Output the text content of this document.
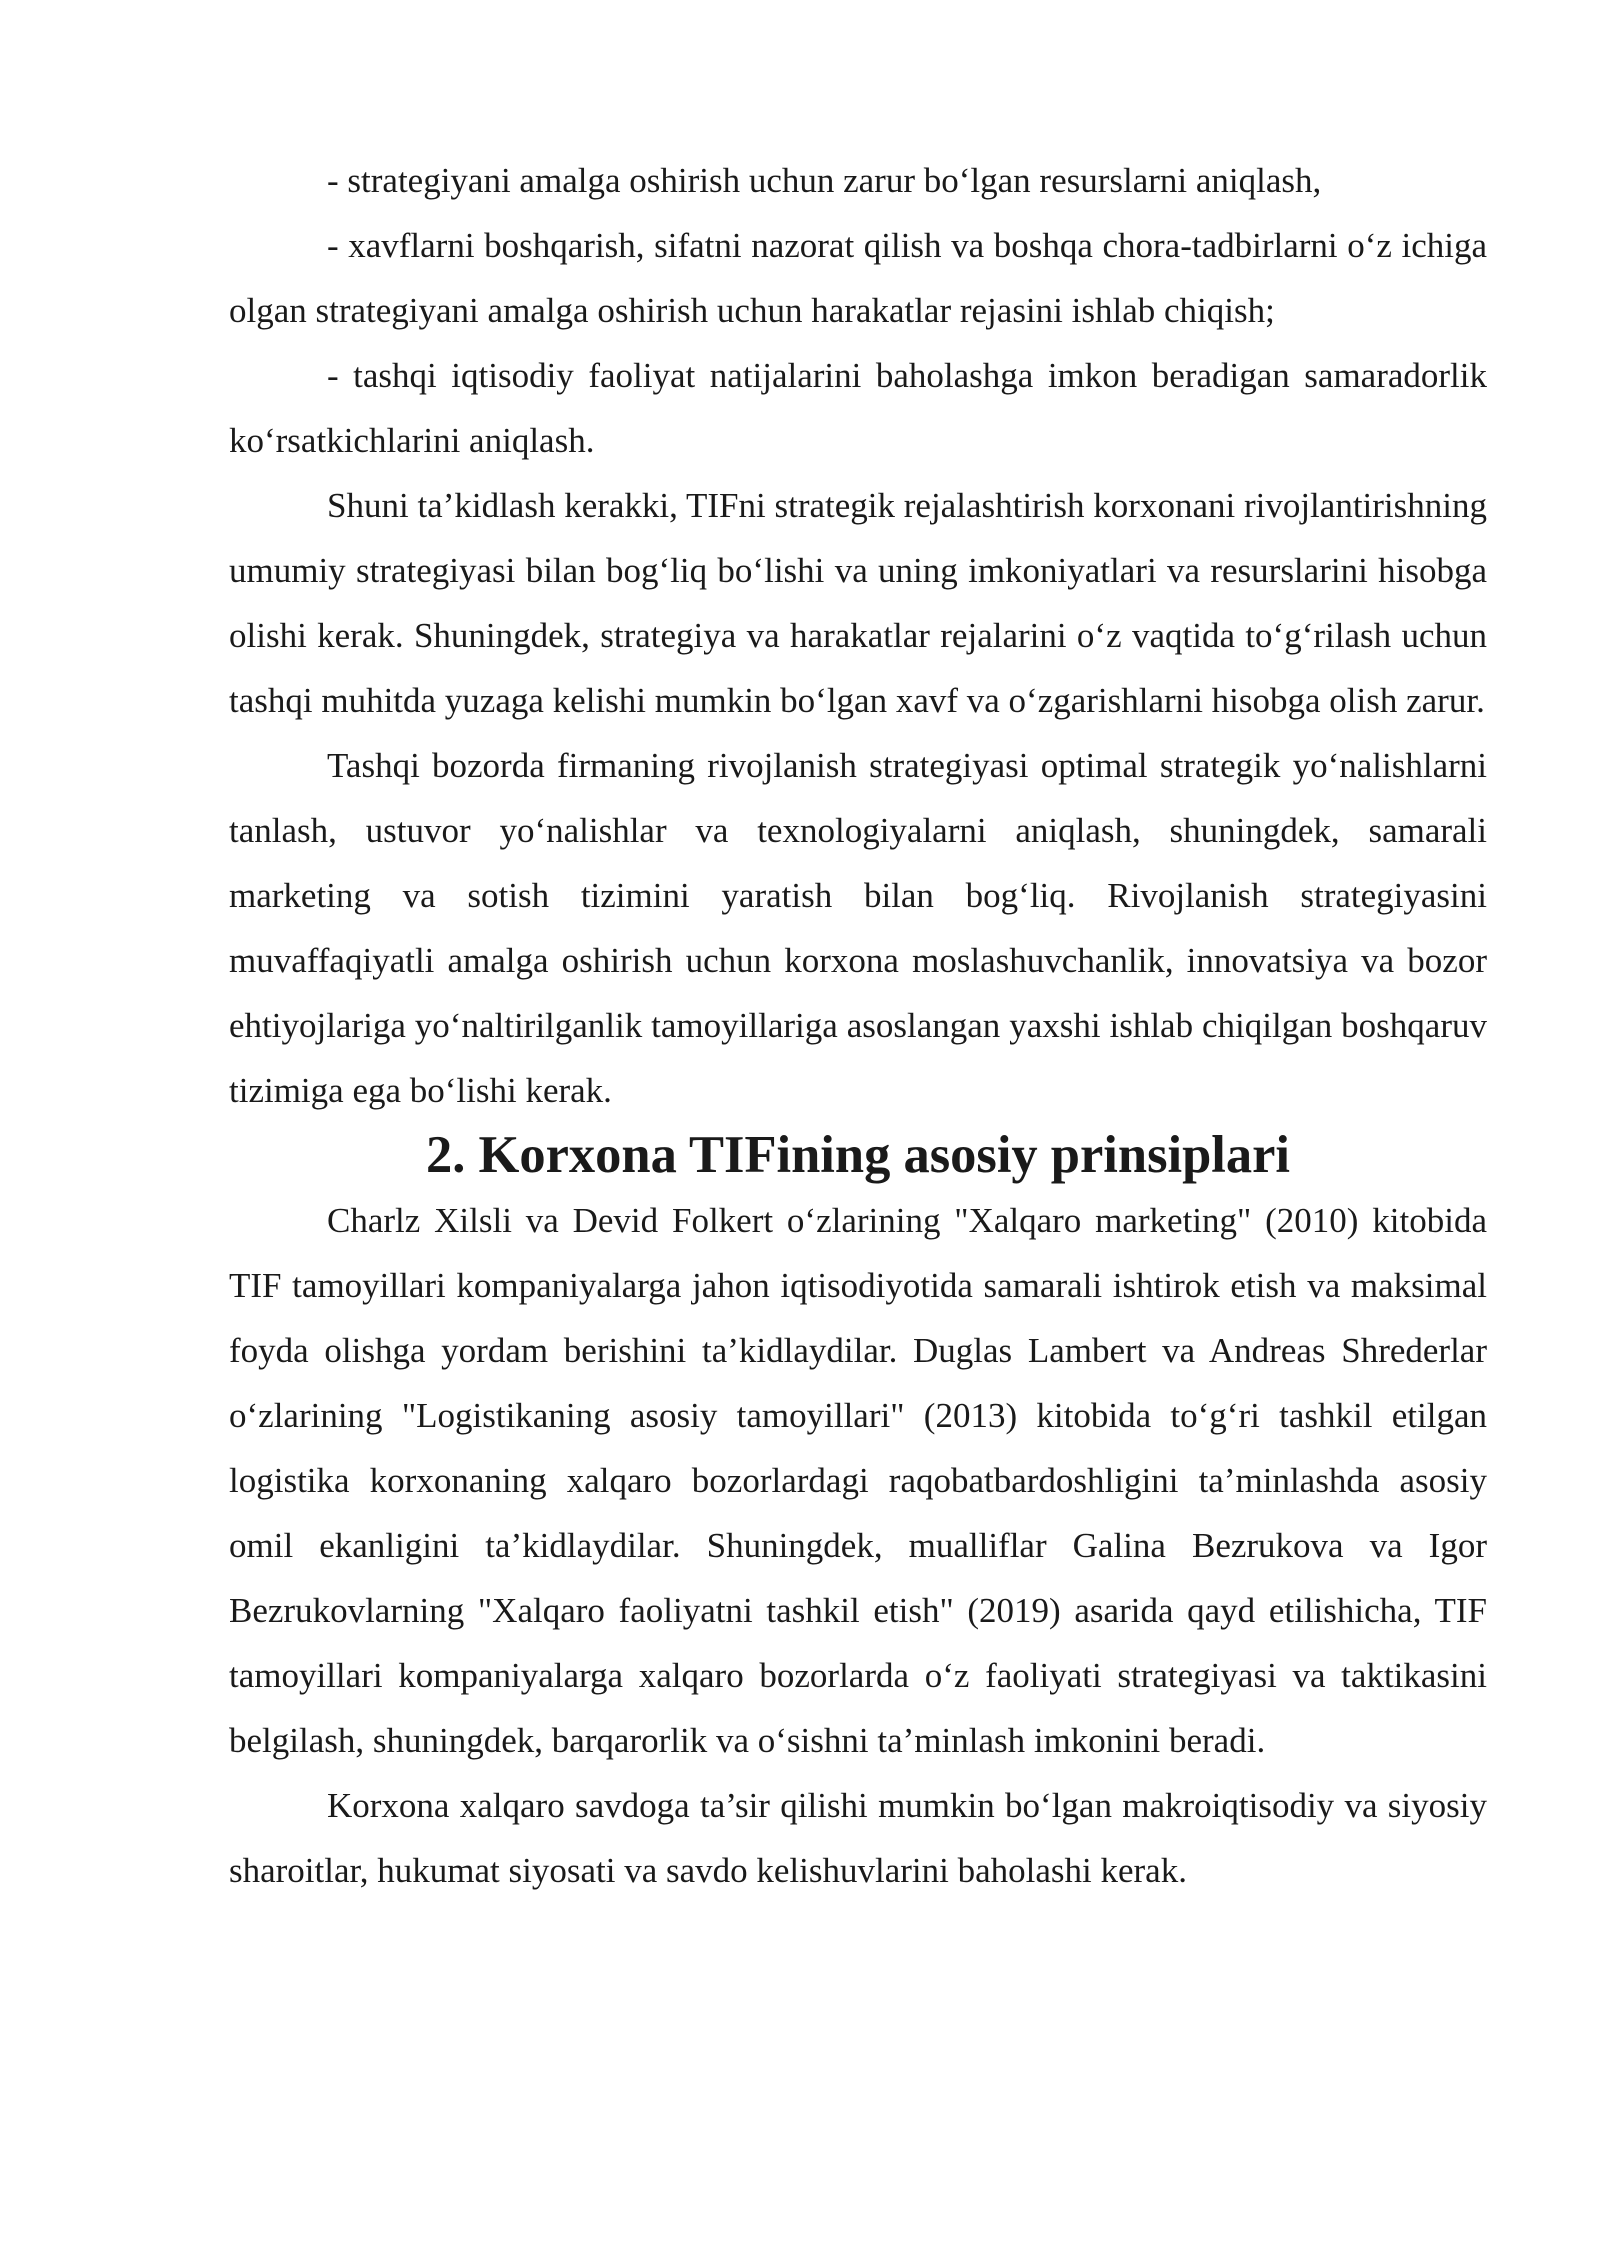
- strategiyani amalga oshirish uchun zarur bo‘lgan resurslarni aniqlash,

- xavflarni boshqarish, sifatni nazorat qilish va boshqa chora-tadbirlarni o‘z ichiga olgan strategiyani amalga oshirish uchun harakatlar rejasini ishlab chiqish;

- tashqi iqtisodiy faoliyat natijalarini baholashga imkon beradigan samaradorlik ko‘rsatkichlarini aniqlash.

Shuni ta’kidlash kerakki, TIFni strategik rejalashtirish korxonani rivojlantirishning umumiy strategiyasi bilan bog‘liq bo‘lishi va uning imkoniyatlari va resurslarini hisobga olishi kerak. Shuningdek, strategiya va harakatlar rejalarini o‘z vaqtida to‘g‘rilash uchun tashqi muhitda yuzaga kelishi mumkin bo‘lgan xavf va o‘zgarishlarni hisobga olish zarur.

Tashqi bozorda firmaning rivojlanish strategiyasi optimal strategik yo‘nalishlarni tanlash, ustuvor yo‘nalishlar va texnologiyalarni aniqlash, shuningdek, samarali marketing va sotish tizimini yaratish bilan bog‘liq. Rivojlanish strategiyasini muvaffaqiyatli amalga oshirish uchun korxona moslashuvchanlik, innovatsiya va bozor ehtiyojlariga yo‘naltirilganlik tamoyillariga asoslangan yaxshi ishlab chiqilgan boshqaruv tizimiga ega bo‘lishi kerak.

2. Korxona TIFining asosiy prinsiplari

Charlz Xilsli va Devid Folkert o‘zlarining "Xalqaro marketing" (2010) kitobida TIF tamoyillari kompaniyalarga jahon iqtisodiyotida samarali ishtirok etish va maksimal foyda olishga yordam berishini ta’kidlaydilar. Duglas Lambert va Andreas Shrederlar o‘zlarining "Logistikaning asosiy tamoyillari" (2013) kitobida to‘g‘ri tashkil etilgan logistika korxonaning xalqaro bozorlardagi raqobatbardoshligini ta’minlashda asosiy omil ekanligini ta’kidlaydilar. Shuningdek, mualliflar Galina Bezrukova va Igor Bezrukovlarning "Xalqaro faoliyatni tashkil etish" (2019) asarida qayd etilishicha, TIF tamoyillari kompaniyalarga xalqaro bozorlarda o‘z faoliyati strategiyasi va taktikasini belgilash, shuningdek, barqarorlik va o‘sishni ta’minlash imkonini beradi.

Korxona xalqaro savdoga ta’sir qilishi mumkin bo‘lgan makroiqtisodiy va siyosiy sharoitlar, hukumat siyosati va savdo kelishuvlarini baholashi kerak.
